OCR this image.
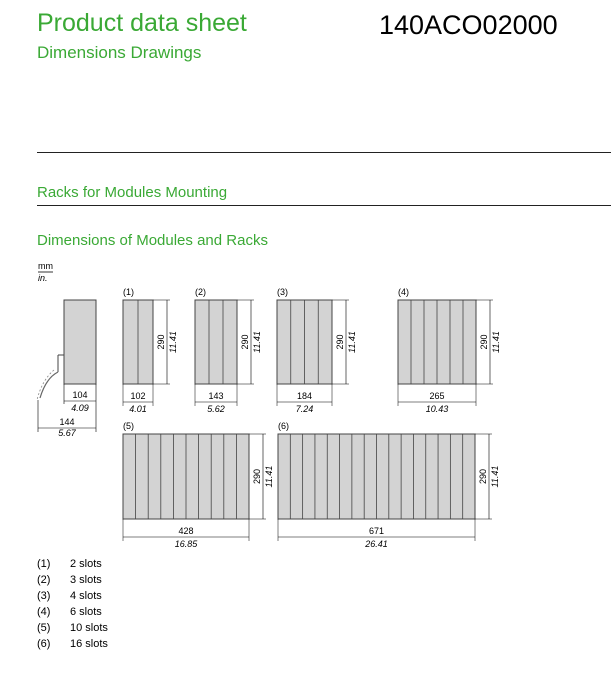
Product data sheet
Dimensions Drawings
140ACO02000
Racks for Modules Mounting
Dimensions of Modules and Racks
mm
in.
104
4.09
144
5.67
(1)
290 11.41
102
4.01
(2)
290 11.41
143
5.62
(3)
290 11.41
184
7.24
(4)
290 11.41
265
10.43
(5)
290 11.41
428
16.85
(6)
290 11.41
671
26.41
(1)	2 slots
(2)	3 slots
(3)	4 slots
(4)	6 slots
(5)	10 slots
(6)	16 slots
